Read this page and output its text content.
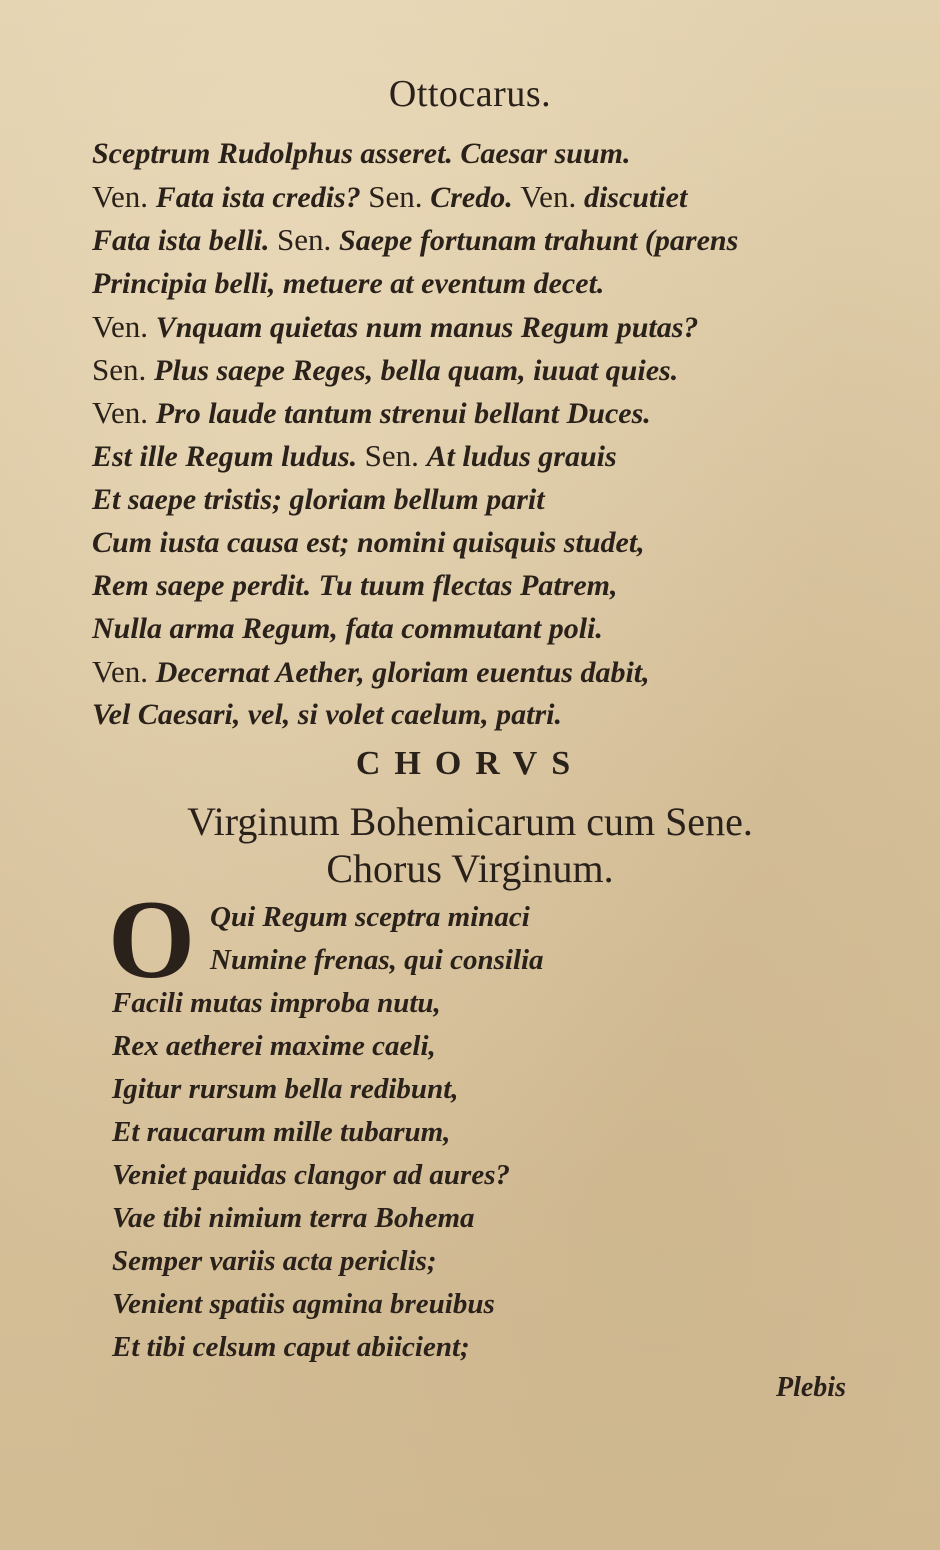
Ottocarus.
Sceptrum Rudolphus asseret. Caesar suum.
Ven. Fata ista credis? Sen. Credo. Ven. discutiet
Fata ista belli. Sen. Saepe fortunam trahunt (parens
Principia belli, metuere at eventum decet.
Ven. Vnquam quietas num manus Regum putas?
Sen. Plus saepe Reges, bella quam, iuuat quies.
Ven. Pro laude tantum strenui bellant Duces.
Est ille Regum ludus. Sen. At ludus grauis
Et saepe tristis; gloriam bellum parit
Cum iusta causa est; nomini quisquis studet,
Rem saepe perdit. Tu tuum flectas Patrem,
Nulla arma Regum, fata commutant poli.
Ven. Decernat Aether, gloriam euentus dabit,
Vel Caesari, vel, si volet caelum, patri.
CHORVS
Virginum Bohemicarum cum Sene.
Chorus Virginum.
O Qui Regum sceptra minaci
Numine frenas, qui consilia
Facili mutas improba nutu,
Rex aetherei maxime caeli,
Igitur rursum bella redibunt,
Et raucarum mille tubarum,
Veniet pauidas clangor ad aures?
Vae tibi nimium terra Bohema
Semper variis acta periclis;
Venient spatiis agmina breuibus
Et tibi celsum caput abiicient;
Plebis
